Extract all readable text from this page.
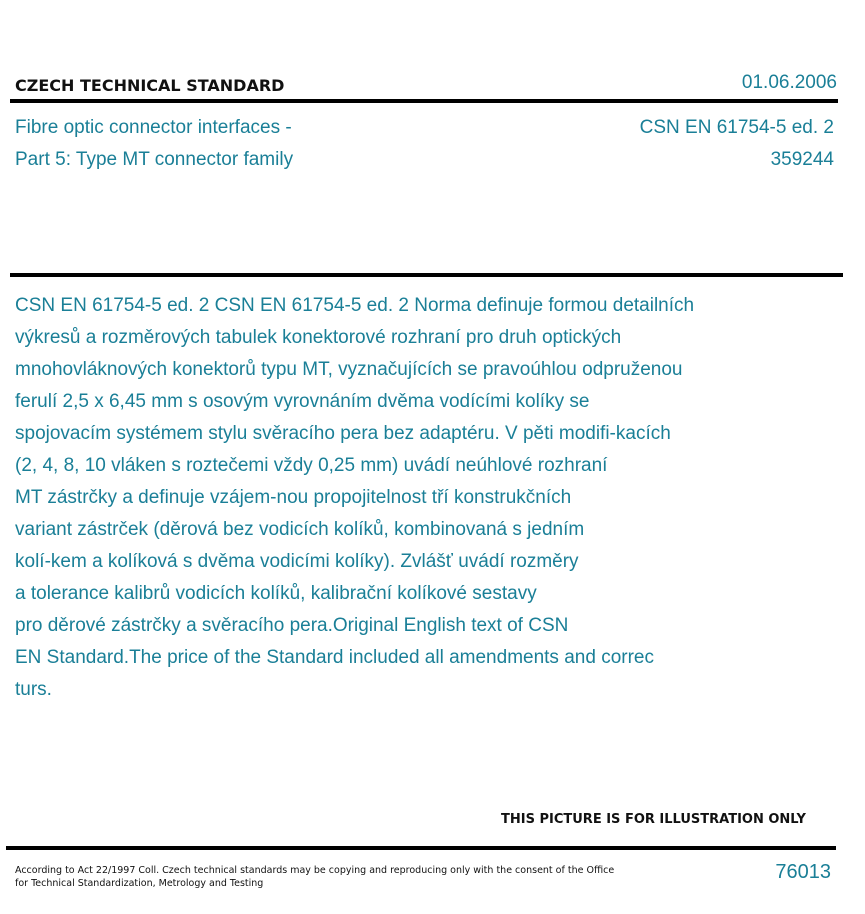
CZECH TECHNICAL STANDARD	01.06.2006
Fibre optic connector interfaces -
Part 5: Type MT connector family
CSN EN 61754-5 ed. 2
359244

CSN EN 61754-5 ed. 2 CSN EN 61754-5 ed. 2 Norma definuje formou detailních
výkresů a rozměrových tabulek konektorové rozhraní pro druh optických
mnohovláknových konektorů typu MT, vyznačujících se pravoúhlou odpruženou
ferulí 2,5 x 6,45 mm s osovým vyrovnáním dvěma vodícími kolíky se
spojovacím systémem stylu svěracího pera bez adaptéru. V pěti modifi-kacích
(2, 4, 8, 10 vláken s roztečemi vždy 0,25 mm) uvádí neúhlové rozhraní
MT zástrčky a definuje vzájem-nou propojitelnost tří konstrukčních
variant zástrček (děrová bez vodicích kolíků, kombinovaná s jedním
kolí-kem a kolíková s dvěma vodicími kolíky). Zvlášť uvádí rozměry
a tolerance kalibrů vodicích kolíků, kalibrační kolíkové sestavy
pro děrové zástrčky a svěracího pera.Original English text of CSN
EN Standard.The price of the Standard included all amendments and correc
turs.

THIS PICTURE IS FOR ILLUSTRATION ONLY
According to Act 22/1997 Coll. Czech technical standards may be copying and reproducing only with the consent of the Office
for Technical Standardization, Metrology and Testing
76013
